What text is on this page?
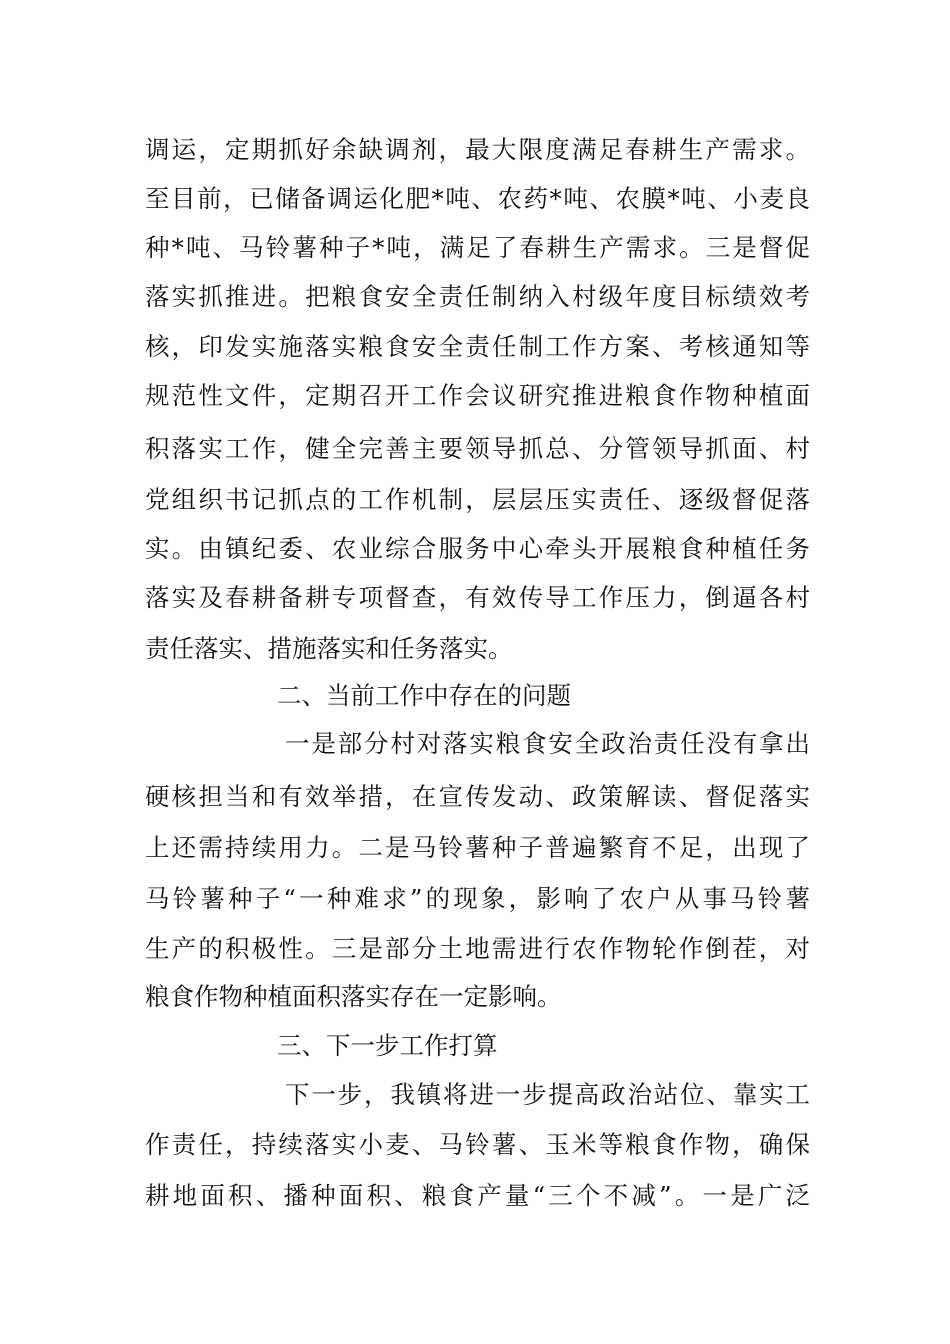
调运，定期抓好余缺调剂，最大限度满足春耕生产需求。
至目前，已储备调运化肥*吨、农药*吨、农膜*吨、小麦良
种*吨、马铃薯种子*吨，满足了春耕生产需求。三是督促
落实抓推进。把粮食安全责任制纳入村级年度目标绩效考
核，印发实施落实粮食安全责任制工作方案、考核通知等
规范性文件，定期召开工作会议研究推进粮食作物种植面
积落实工作，健全完善主要领导抓总、分管领导抓面、村
党组织书记抓点的工作机制，层层压实责任、逐级督促落
实。由镇纪委、农业综合服务中心牵头开展粮食种植任务
落实及春耕备耕专项督查，有效传导工作压力，倒逼各村
责任落实、措施落实和任务落实。
二、当前工作中存在的问题
一是部分村对落实粮食安全政治责任没有拿出
硬核担当和有效举措，在宣传发动、政策解读、督促落实
上还需持续用力。二是马铃薯种子普遍繁育不足，出现了
马铃薯种子“一种难求”的现象，影响了农户从事马铃薯
生产的积极性。三是部分土地需进行农作物轮作倒茬，对
粮食作物种植面积落实存在一定影响。
三、下一步工作打算
下一步，我镇将进一步提高政治站位、靠实工
作责任，持续落实小麦、马铃薯、玉米等粮食作物，确保
耕地面积、播种面积、粮食产量“三个不减”。一是广泛
